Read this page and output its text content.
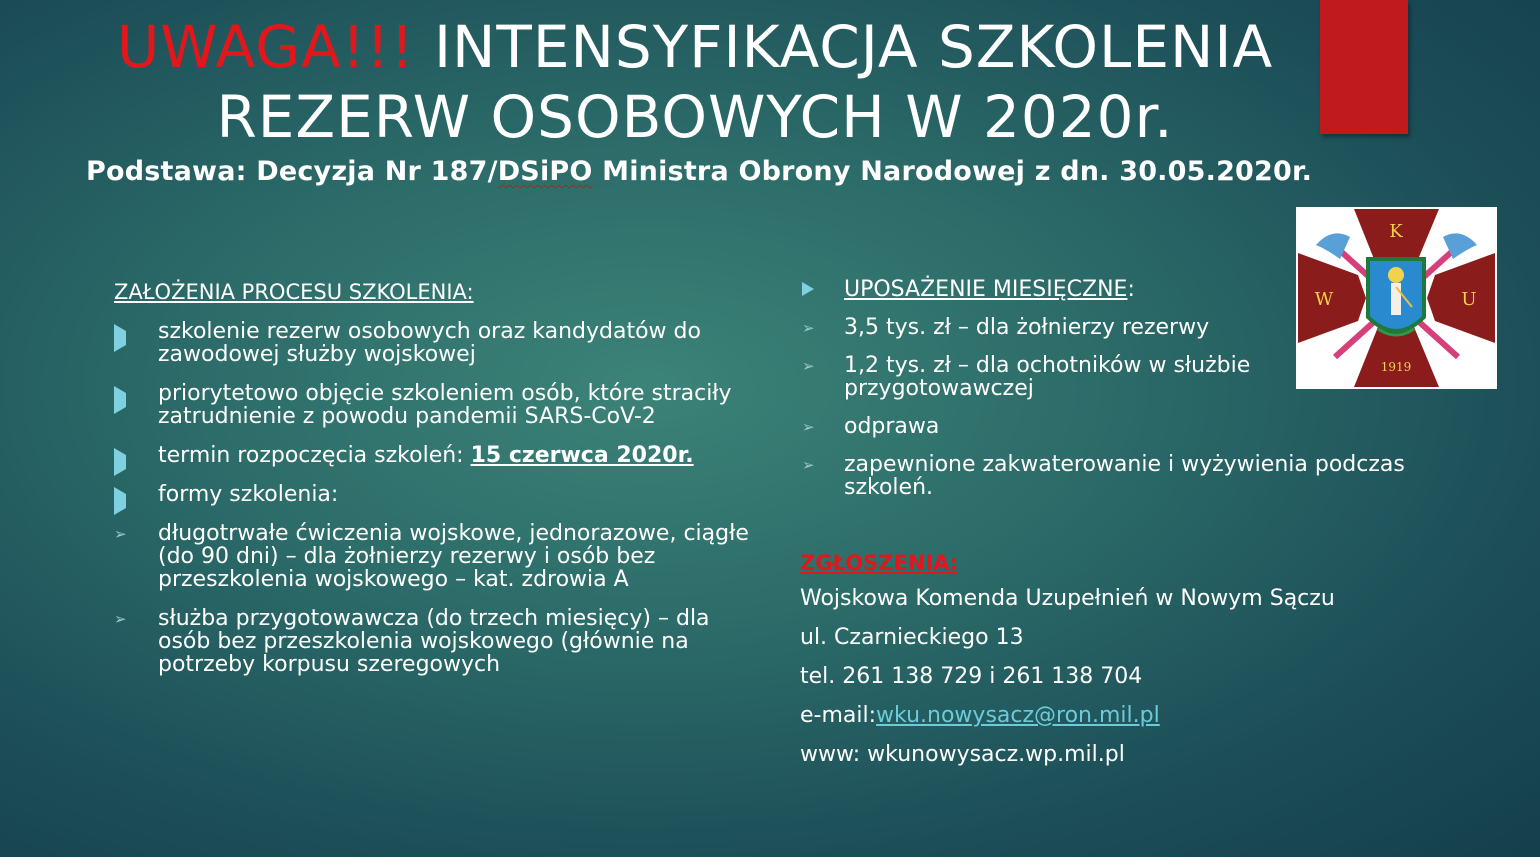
UWAGA!!! INTENSYFIKACJA SZKOLENIA
REZERW OSOBOWYCH W 2020r.

Podstawa: Decyzja Nr 187/DSiPO Ministra Obrony Narodowej z dn. 30.05.2020r.

K
W	U
1919
ZAŁOŻENIA PROCESU SZKOLENIA:
szkolenie rezerw osobowych oraz kandydatów do zawodowej służby wojskowej
priorytetowo objęcie szkoleniem osób, które straciły zatrudnienie z powodu pandemii SARS-CoV-2
termin rozpoczęcia szkoleń: 15 czerwca 2020r.
formy szkolenia:
➢ długotrwałe ćwiczenia wojskowe, jednorazowe, ciągłe (do 90 dni) – dla żołnierzy rezerwy i osób bez przeszkolenia wojskowego – kat. zdrowia A
➢ służba przygotowawcza (do trzech miesięcy) – dla osób bez przeszkolenia wojskowego (głównie na potrzeby korpusu szeregowych
UPOSAŻENIE MIESIĘCZNE:
➢ 3,5 tys. zł – dla żołnierzy rezerwy
➢ 1,2 tys. zł – dla ochotników w służbie przygotowawczej
➢ odprawa
➢ zapewnione zakwaterowanie i wyżywienia podczas szkoleń.
ZGŁOSZENIA:
Wojskowa Komenda Uzupełnień w Nowym Sączu
ul. Czarnieckiego 13
tel. 261 138 729 i 261 138 704
e-mail:wku.nowysacz@ron.mil.pl
www: wkunowysacz.wp.mil.pl
